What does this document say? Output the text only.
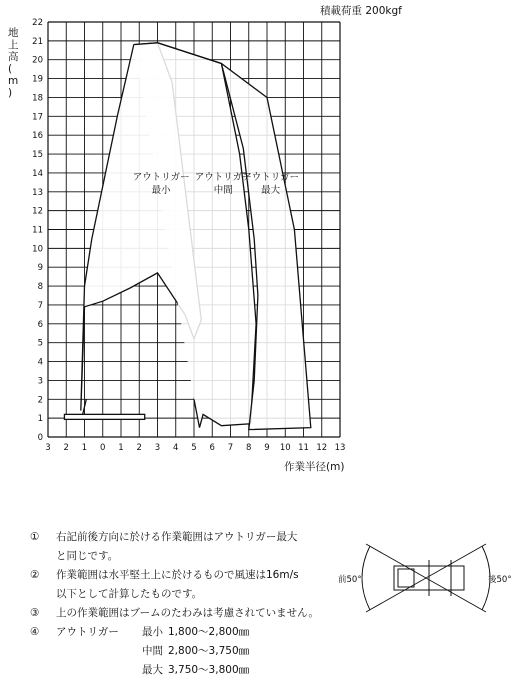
積載荷重 200kgf
3 2 1 0 1 2 3 4 5 6 7 8 9 10 11 12 13
0
1
2
3
4
5
6
7
8
9
10
11
12
13
14
15
16
17
18
19
20
21
22
アウトリガー
最小
アウトリガー
中間
アウトリガー
最大
作業半径(m)
地上高( m )
①	右記前後方向に於ける作業範囲はアウトリガー最大
と同じです。
②	作業範囲は水平堅土上に於けるもので風速は16m/s
以下として計算したものです。
③	上の作業範囲はブームのたわみは考慮されていません。
④	アウトリガー	最小 1,800～2,800㎜
中間 2,800～3,750㎜
最大 3,750～3,800㎜
前50°	後50°
